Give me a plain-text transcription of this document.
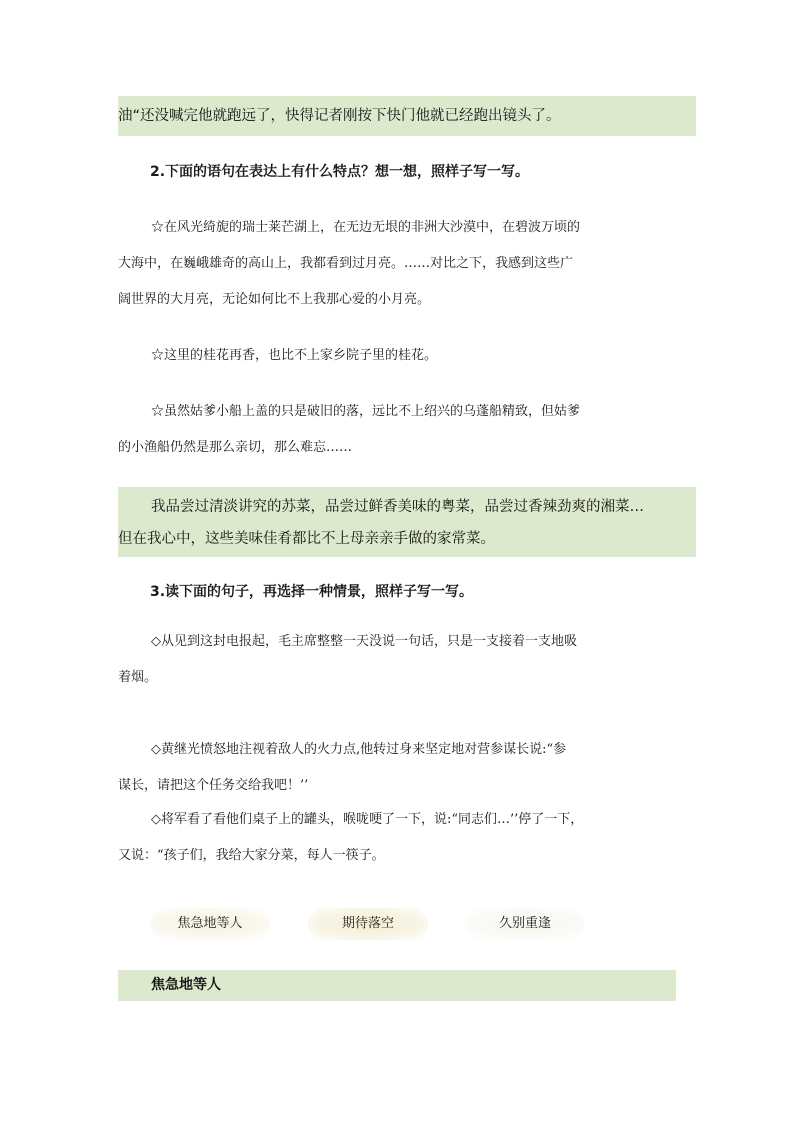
油“还没喊完他就跑远了，快得记者刚按下快门他就已经跑出镜头了。
2.下面的语句在表达上有什么特点？想一想，照样子写一写。
☆在风光绮旎的瑞士莱芒湖上，在无边无垠的非洲大沙漠中，在碧波万顷的
大海中，在巍峨雄奇的高山上，我都看到过月亮。……对比之下，我感到这些广
阔世界的大月亮，无论如何比不上我那心爱的小月亮。
☆这里的桂花再香，也比不上家乡院子里的桂花。
☆虽然姑爹小船上盖的只是破旧的落，远比不上绍兴的乌蓬船精致，但姑爹
的小渔船仍然是那么亲切，那么难忘……
我品尝过清淡讲究的苏菜，品尝过鲜香美味的粤菜，品尝过香辣劲爽的湘菜…
但在我心中，这些美味佳肴都比不上母亲亲手做的家常菜。
3.读下面的句子，再选择一种情景，照样子写一写。
◇从见到这封电报起，毛主席整整一天没说一句话，只是一支接着一支地吸
着烟。
◇黄继光愤怒地注视着敌人的火力点,他转过身来坚定地对营参谋长说:“参
谋长，请把这个任务交给我吧！’’
◇将军看了看他们桌子上的罐头，喉咙哽了一下，说:“同志们…’’停了一下，
又说：“孩子们，我给大家分菜，每人一筷子。
焦急地等人	期待落空	久别重逢
焦急地等人
